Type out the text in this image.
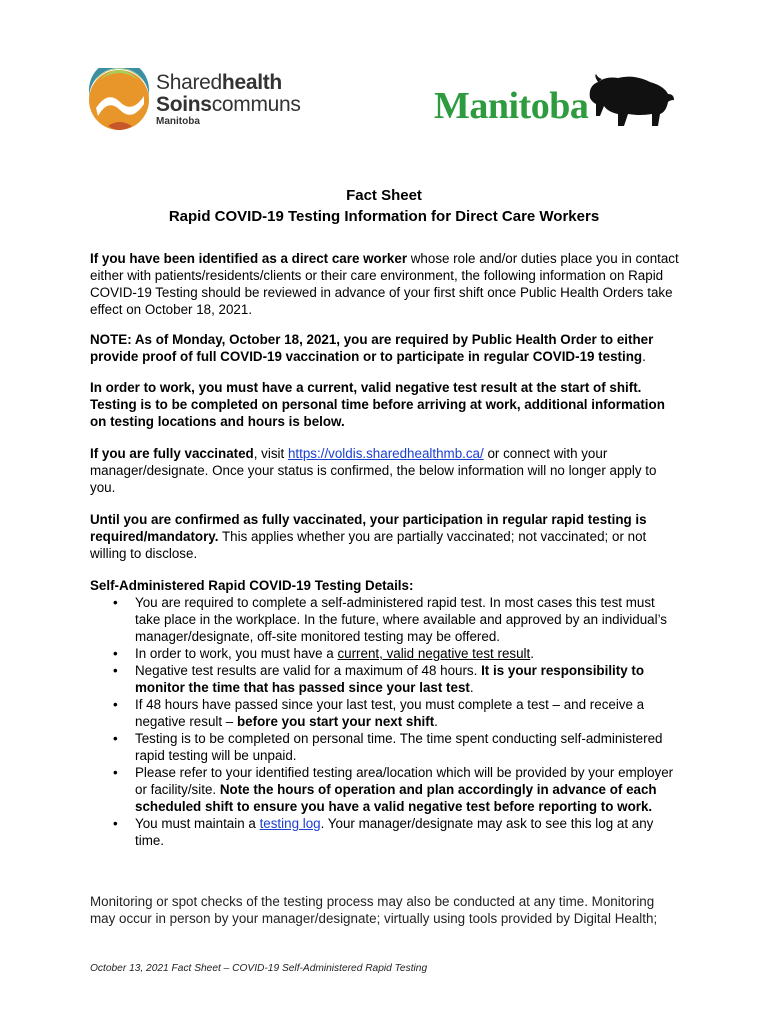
Sharedhealth
Soinscommuns
Manitoba	Manitoba
Fact Sheet
Rapid COVID-19 Testing Information for Direct Care Workers
If you have been identified as a direct care worker whose role and/or duties place you in contact either with patients/residents/clients or their care environment, the following information on Rapid COVID-19 Testing should be reviewed in advance of your first shift once Public Health Orders take effect on October 18, 2021.
NOTE: As of Monday, October 18, 2021, you are required by Public Health Order to either provide proof of full COVID-19 vaccination or to participate in regular COVID-19 testing.
In order to work, you must have a current, valid negative test result at the start of shift. Testing is to be completed on personal time before arriving at work, additional information on testing locations and hours is below.
If you are fully vaccinated, visit https://voldis.sharedhealthmb.ca/ or connect with your manager/designate. Once your status is confirmed, the below information will no longer apply to you.
Until you are confirmed as fully vaccinated, your participation in regular rapid testing is required/mandatory. This applies whether you are partially vaccinated; not vaccinated; or not willing to disclose.
Self-Administered Rapid COVID-19 Testing Details:
• You are required to complete a self-administered rapid test. In most cases this test must take place in the workplace. In the future, where available and approved by an individual’s manager/designate, off-site monitored testing may be offered.
• In order to work, you must have a current, valid negative test result.
• Negative test results are valid for a maximum of 48 hours. It is your responsibility to monitor the time that has passed since your last test.
• If 48 hours have passed since your last test, you must complete a test – and receive a negative result – before you start your next shift.
• Testing is to be completed on personal time. The time spent conducting self-administered rapid testing will be unpaid.
• Please refer to your identified testing area/location which will be provided by your employer or facility/site. Note the hours of operation and plan accordingly in advance of each scheduled shift to ensure you have a valid negative test before reporting to work.
• You must maintain a testing log. Your manager/designate may ask to see this log at any time.
Monitoring or spot checks of the testing process may also be conducted at any time. Monitoring may occur in person by your manager/designate; virtually using tools provided by Digital Health;
October 13, 2021 Fact Sheet – COVID-19 Self-Administered Rapid Testing
